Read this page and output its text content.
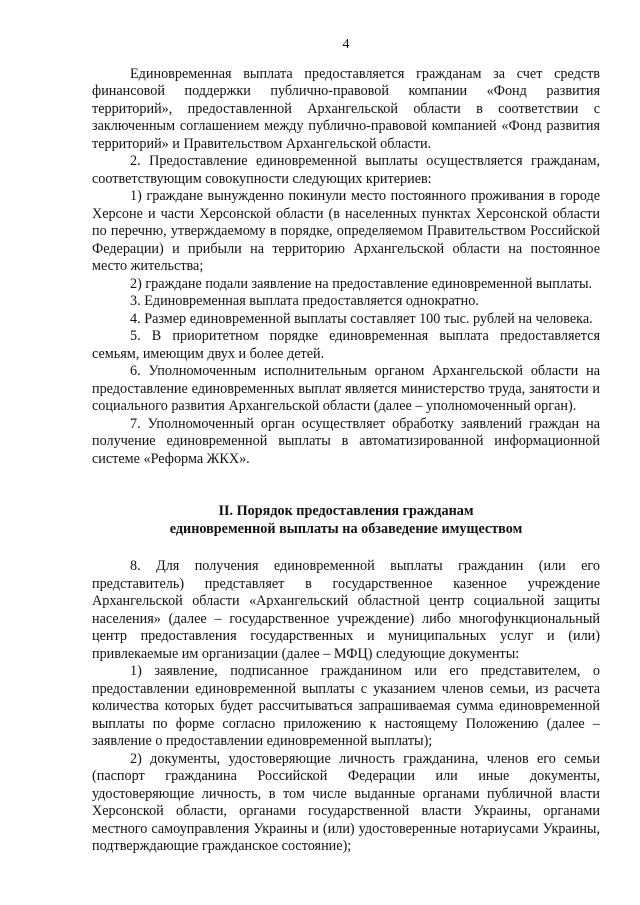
4

Единовременная выплата предоставляется гражданам за счет средств финансовой поддержки публично-правовой компании «Фонд развития территорий», предоставленной Архангельской области в соответствии с заключенным соглашением между публично-правовой компанией «Фонд развития территорий» и Правительством Архангельской области.

2. Предоставление единовременной выплаты осуществляется гражданам, соответствующим совокупности следующих критериев:

1) граждане вынужденно покинули место постоянного проживания в городе Херсоне и части Херсонской области (в населенных пунктах Херсонской области по перечню, утверждаемому в порядке, определяемом Правительством Российской Федерации) и прибыли на территорию Архангельской области на постоянное место жительства;

2) граждане подали заявление на предоставление единовременной выплаты.

3. Единовременная выплата предоставляется однократно.

4. Размер единовременной выплаты составляет 100 тыс. рублей на человека.

5. В приоритетном порядке единовременная выплата предоставляется семьям, имеющим двух и более детей.

6. Уполномоченным исполнительным органом Архангельской области на предоставление единовременных выплат является министерство труда, занятости и социального развития Архангельской области (далее – уполномоченный орган).

7. Уполномоченный орган осуществляет обработку заявлений граждан на получение единовременной выплаты в автоматизированной информационной системе «Реформа ЖКХ».

II. Порядок предоставления гражданам
единовременной выплаты на обзаведение имуществом

8. Для получения единовременной выплаты гражданин (или его представитель) представляет в государственное казенное учреждение Архангельской области «Архангельский областной центр социальной защиты населения» (далее – государственное учреждение) либо многофункциональный центр предоставления государственных и муниципальных услуг и (или) привлекаемые им организации (далее – МФЦ) следующие документы:

1) заявление, подписанное гражданином или его представителем, о предоставлении единовременной выплаты с указанием членов семьи, из расчета количества которых будет рассчитываться запрашиваемая сумма единовременной выплаты по форме согласно приложению к настоящему Положению (далее – заявление о предоставлении единовременной выплаты);

2) документы, удостоверяющие личность гражданина, членов его семьи (паспорт гражданина Российской Федерации или иные документы, удостоверяющие личность, в том числе выданные органами публичной власти Херсонской области, органами государственной власти Украины, органами местного самоуправления Украины и (или) удостоверенные нотариусами Украины, подтверждающие гражданское состояние);
